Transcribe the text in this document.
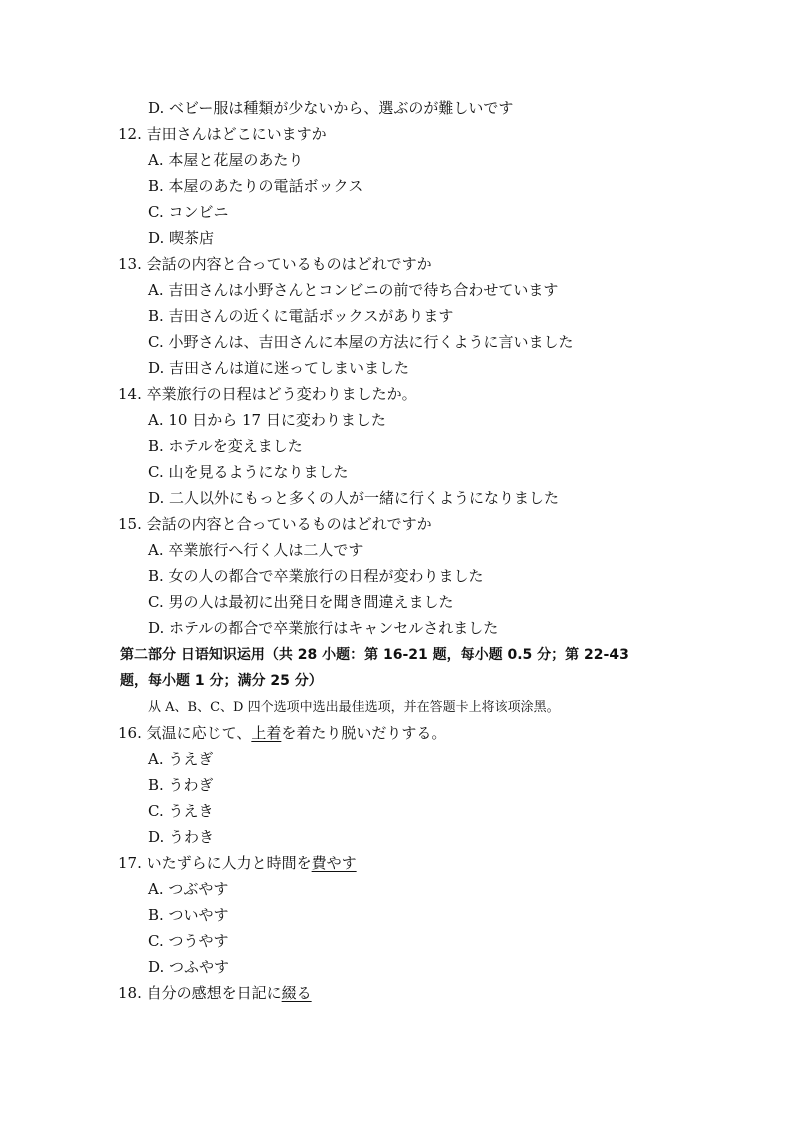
D. ベビー服は種類が少ないから、選ぶのが難しいです
12. 吉田さんはどこにいますか
A. 本屋と花屋のあたり
B. 本屋のあたりの電話ボックス
C. コンビニ
D. 喫茶店
13. 会話の内容と合っているものはどれですか
A. 吉田さんは小野さんとコンビニの前で待ち合わせています
B. 吉田さんの近くに電話ボックスがあります
C. 小野さんは、吉田さんに本屋の方法に行くように言いました
D. 吉田さんは道に迷ってしまいました
14. 卒業旅行の日程はどう変わりましたか。
A. 10 日から 17 日に変わりました
B. ホテルを変えました
C. 山を見るようになりました
D. 二人以外にもっと多くの人が一緒に行くようになりました
15. 会話の内容と合っているものはどれですか
A. 卒業旅行へ行く人は二人です
B. 女の人の都合で卒業旅行の日程が変わりました
C. 男の人は最初に出発日を聞き間違えました
D. ホテルの都合で卒業旅行はキャンセルされました
第二部分 日语知识运用（共 28 小题：第 16-21 题，每小题 0.5 分；第 22-43
题，每小题 1 分；满分 25 分）
从 A、B、C、D 四个选项中选出最佳选项，并在答题卡上将该项涂黑。
16. 気温に応じて、上着を着たり脱いだりする。
A. うえぎ
B. うわぎ
C. うえき
D. うわき
17. いたずらに人力と時間を費やす
A. つぶやす
B. ついやす
C. つうやす
D. つふやす
18. 自分の感想を日記に綴る
